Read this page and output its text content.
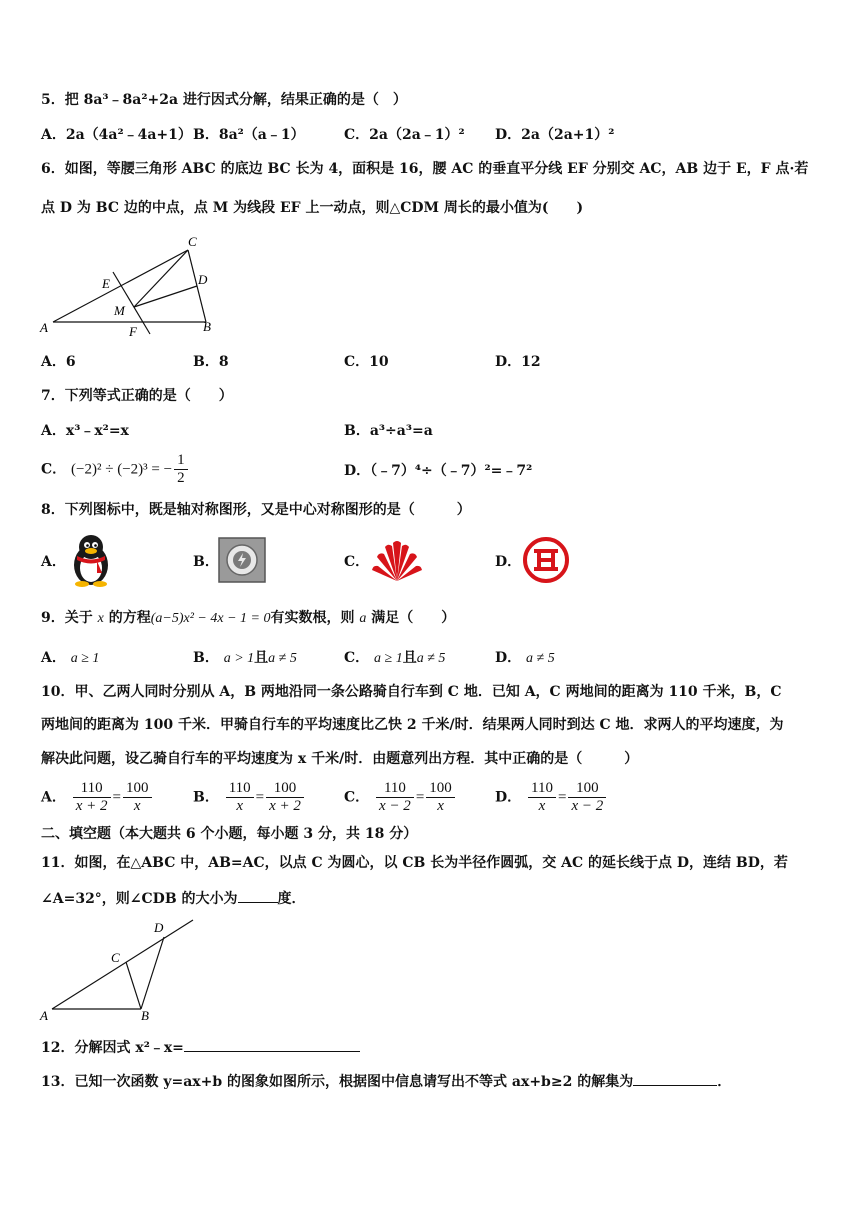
5．把 8a³﹣8a²+2a 进行因式分解，结果正确的是（　）
A．2a（4a²﹣4a+1） B．8a²（a﹣1）	C．2a（2a﹣1）² D．2a（2a+1）²
6．如图，等腰三角形 ABC 的底边 BC 长为 4，面积是 16，腰 AC 的垂直平分线 EF 分别交 AC，AB 边于 E，F 点·若
点 D 为 BC 边的中点，点 M 为线段 EF 上一动点，则△CDM 周长的最小值为(　　)
A	B
C
D
E
F
M
A．6	B．8	C．10	D．12
7．下列等式正确的是（　　）
A．x³﹣x²=x	B．a³÷a³=a
C． (−2)² ÷ (−2)³ = − $\frac{1}{2}$	D．（﹣7）⁴÷（﹣7）²=﹣7²
8．下列图标中，既是轴对称图形，又是中心对称图形的是（　　　）
A．	B．	C．	D．
9．关于 x 的方程(a−5)x² − 4x − 1 = 0有实数根，则 a 满足（　　）
A． a ≥ 1	B． a > 1且a ≠ 5	C． a ≥ 1且a ≠ 5	D． a ≠ 5
10．甲、乙两人同时分别从 A，B 两地沿同一条公路骑自行车到 C 地．已知 A，C 两地间的距离为 110 千米，B，C
两地间的距离为 100 千米．甲骑自行车的平均速度比乙快 2 千米/时．结果两人同时到达 C 地．求两人的平均速度，为
解决此问题，设乙骑自行车的平均速度为 x 千米/时．由题意列出方程．其中正确的是（　　　）
A． $\frac{110}{x + 2} = \frac{100}{x}$	B． $\frac{110}{x} = \frac{100}{x + 2}$	C． $\frac{110}{x - 2} = \frac{100}{x}$	D． $\frac{110}{x} = \frac{100}{x - 2}$
二、填空题（本大题共 6 个小题，每小题 3 分，共 18 分）
11．如图，在△ABC 中，AB=AC，以点 C 为圆心，以 CB 长为半径作圆弧，交 AC 的延长线于点 D，连结 BD，若
∠A=32°，则∠CDB 的大小为	度．
A	B
C
D
12．分解因式 x²﹣x=
13．已知一次函数 y=ax+b 的图象如图所示，根据图中信息请写出不等式 ax+b≥2 的解集为	．
